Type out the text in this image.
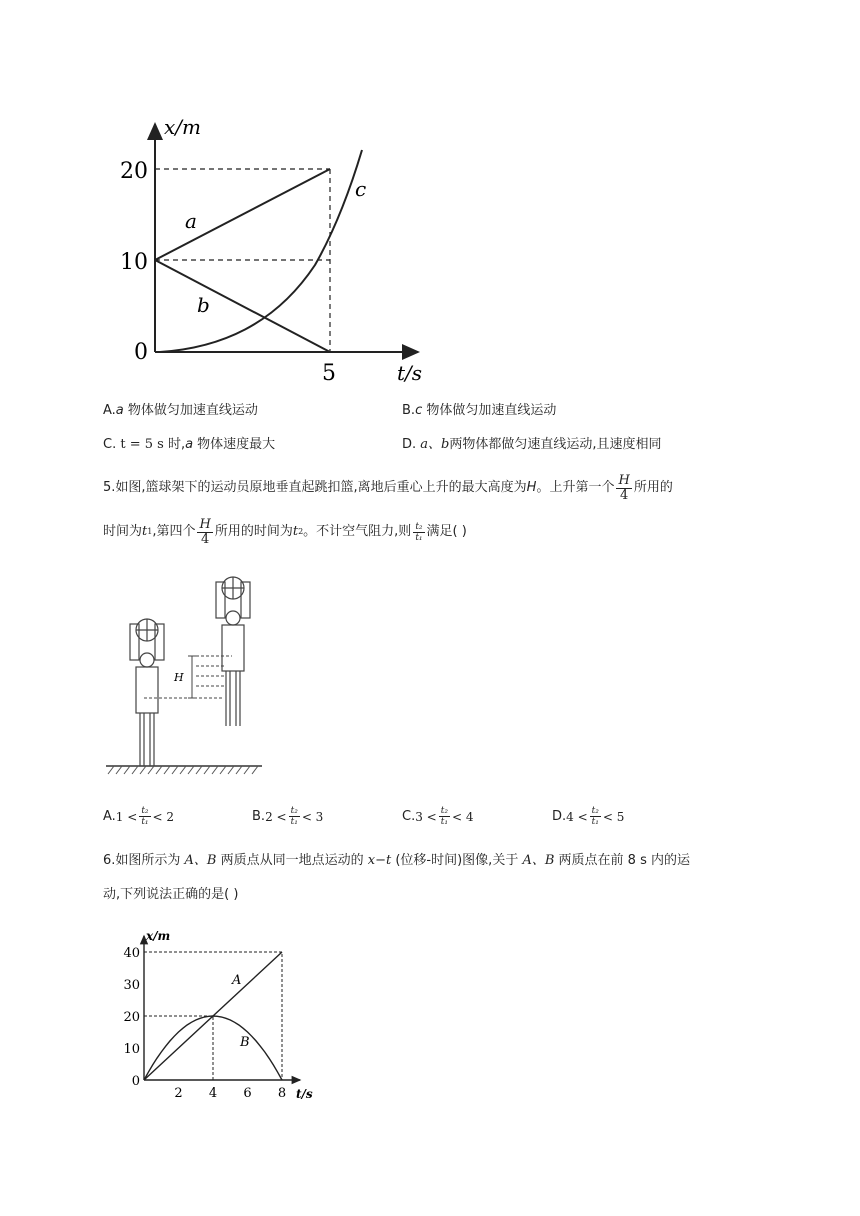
x/m
t/s
20
10
0
5
a
b
c
A.a 物体做匀加速直线运动	B.c 物体做匀加速直线运动
C. t = 5 s 时,a 物体速度最大	D. a、b两物体都做匀速直线运动,且速度相同
5.如图,篮球架下的运动员原地垂直起跳扣篮,离地后重心上升的最大高度为 H 。上升第一个 $\frac{H}{4}$ 所用的
时间为 t 1 ,第四个 $\frac{H}{4}$ 所用的时间为 t 2 。不计空气阻力,则 $\frac{\text{t₂}}{\text{t₁}}$ 满足( )
H
A. $1 < \frac{\text{t₂}}{\text{t₁}} < 2$	B. $2 < \frac{\text{t₂}}{\text{t₁}} < 3$	C. $3 < \frac{\text{t₂}}{\text{t₁}} < 4$	D. $4 < \frac{\text{t₂}}{\text{t₁}} < 5$
6.如图所示为 A、B 两质点从同一地点运动的 x−t (位移-时间)图像,关于 A、B 两质点在前 8 s 内的运
动,下列说法正确的是( )
0
10
20
30
40
2 4 6 8
x/m
t/s
A
B
